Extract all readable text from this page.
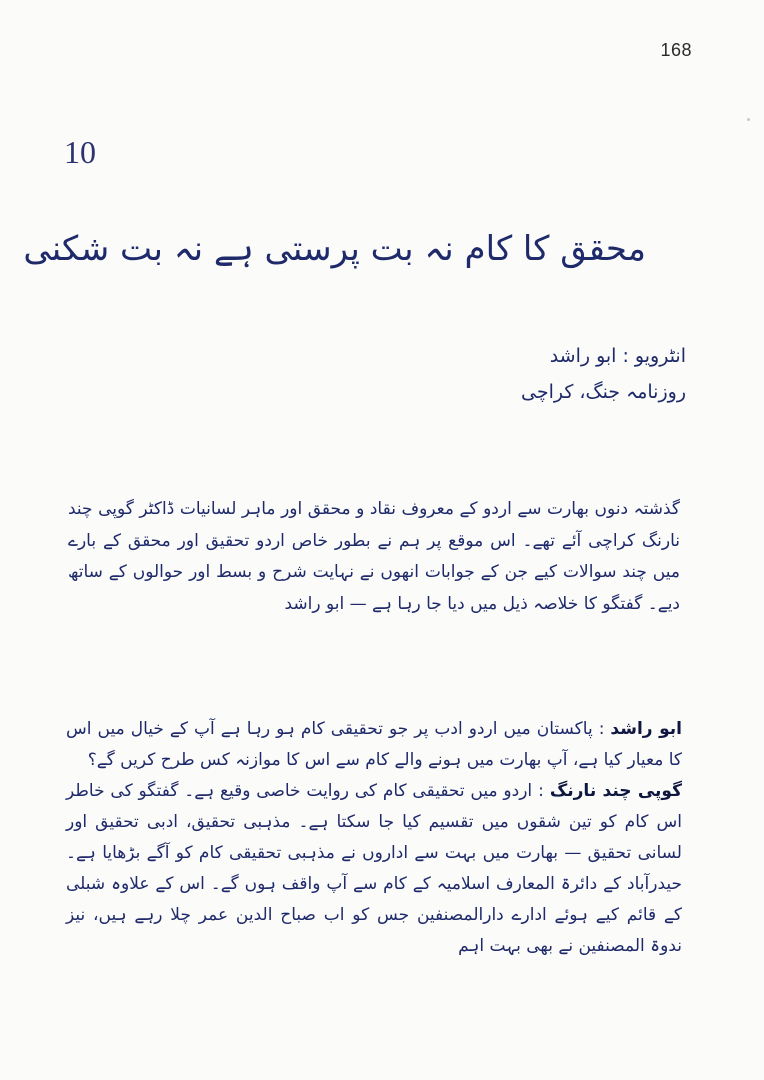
168
10
محقق کا کام نہ بت پرستی ہے نہ بت شکنی
انٹرویو : ابو راشد
روزنامہ جنگ، کراچی

گذشتہ دنوں بھارت سے اردو کے معروف نقاد و محقق اور ماہر لسانیات ڈاکٹر گوپی چند نارنگ کراچی آئے تھے۔ اس موقع پر ہم نے بطور خاص اردو تحقیق اور محقق کے بارے میں چند سوالات کیے جن کے جوابات انھوں نے نہایت شرح و بسط اور حوالوں کے ساتھ دیے۔ گفتگو کا خلاصہ ذیل میں دیا جا رہا ہے — ابو راشد

ابو راشد:پاکستان میں اردو ادب پر جو تحقیقی کام ہو رہا ہے آپ کے خیال میں اس کا معیار کیا ہے، آپ بھارت میں ہونے والے کام سے اس کا موازنہ کس طرح کریں گے؟

گوپی چند نارنگ:اردو میں تحقیقی کام کی روایت خاصی وقیع ہے۔ گفتگو کی خاطر اس کام کو تین شقوں میں تقسیم کیا جا سکتا ہے۔ مذہبی تحقیق، ادبی تحقیق اور لسانی تحقیق — بھارت میں بہت سے اداروں نے مذہبی تحقیقی کام کو آگے بڑھایا ہے۔ حیدرآباد کے دائرۃ المعارف اسلامیہ کے کام سے آپ واقف ہوں گے۔ اس کے علاوہ شبلی کے قائم کیے ہوئے ادارے دارالمصنفین جس کو اب صباح الدین عمر چلا رہے ہیں، نیز ندوۃ المصنفین نے بھی بہت اہم
